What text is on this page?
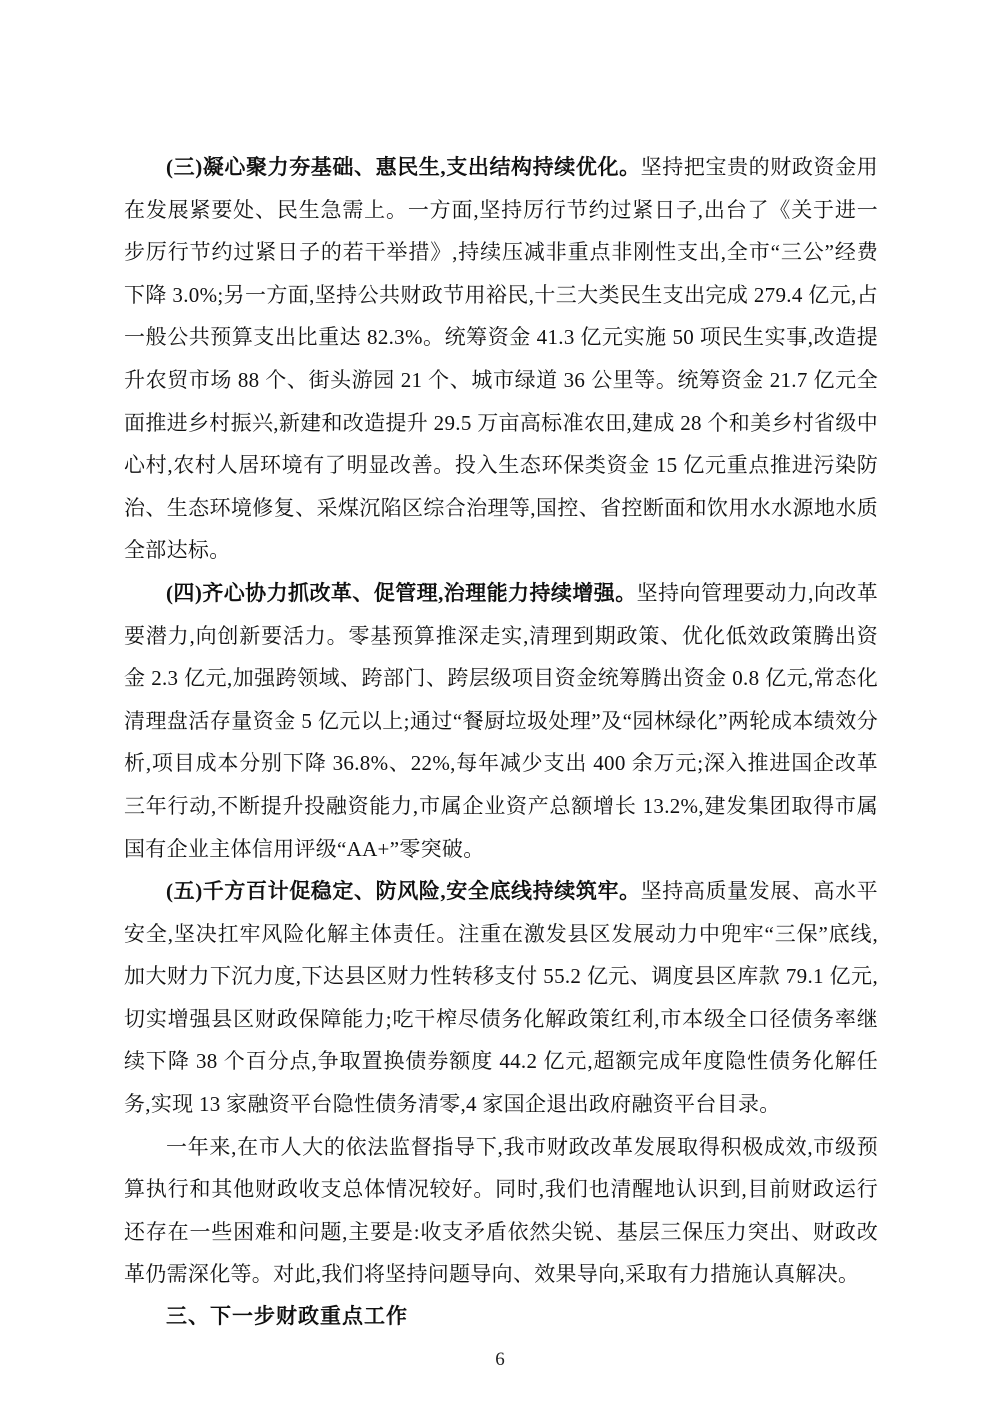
(三)凝心聚力夯基础、惠民生,支出结构持续优化。坚持把宝贵的财政资金用在发展紧要处、民生急需上。一方面,坚持厉行节约过紧日子,出台了《关于进一步厉行节约过紧日子的若干举措》,持续压减非重点非刚性支出,全市“三公”经费下降 3.0%;另一方面,坚持公共财政节用裕民,十三大类民生支出完成 279.4 亿元,占一般公共预算支出比重达 82.3%。统筹资金 41.3 亿元实施 50 项民生实事,改造提升农贸市场 88 个、街头游园 21 个、城市绿道 36 公里等。统筹资金 21.7 亿元全面推进乡村振兴,新建和改造提升 29.5 万亩高标准农田,建成 28 个和美乡村省级中心村,农村人居环境有了明显改善。投入生态环保类资金 15 亿元重点推进污染防治、生态环境修复、采煤沉陷区综合治理等,国控、省控断面和饮用水水源地水质全部达标。

(四)齐心协力抓改革、促管理,治理能力持续增强。坚持向管理要动力,向改革要潜力,向创新要活力。零基预算推深走实,清理到期政策、优化低效政策腾出资金 2.3 亿元,加强跨领域、跨部门、跨层级项目资金统筹腾出资金 0.8 亿元,常态化清理盘活存量资金 5 亿元以上;通过“餐厨垃圾处理”及“园林绿化”两轮成本绩效分析,项目成本分别下降 36.8%、22%,每年减少支出 400 余万元;深入推进国企改革三年行动,不断提升投融资能力,市属企业资产总额增长 13.2%,建发集团取得市属国有企业主体信用评级“AA+”零突破。

(五)千方百计促稳定、防风险,安全底线持续筑牢。坚持高质量发展、高水平安全,坚决扛牢风险化解主体责任。注重在激发县区发展动力中兜牢“三保”底线,加大财力下沉力度,下达县区财力性转移支付 55.2 亿元、调度县区库款 79.1 亿元,切实增强县区财政保障能力;吃干榨尽债务化解政策红利,市本级全口径债务率继续下降 38 个百分点,争取置换债券额度 44.2 亿元,超额完成年度隐性债务化解任务,实现 13 家融资平台隐性债务清零,4 家国企退出政府融资平台目录。

一年来,在市人大的依法监督指导下,我市财政改革发展取得积极成效,市级预算执行和其他财政收支总体情况较好。同时,我们也清醒地认识到,目前财政运行还存在一些困难和问题,主要是:收支矛盾依然尖锐、基层三保压力突出、财政改革仍需深化等。对此,我们将坚持问题导向、效果导向,采取有力措施认真解决。

三、下一步财政重点工作

6
